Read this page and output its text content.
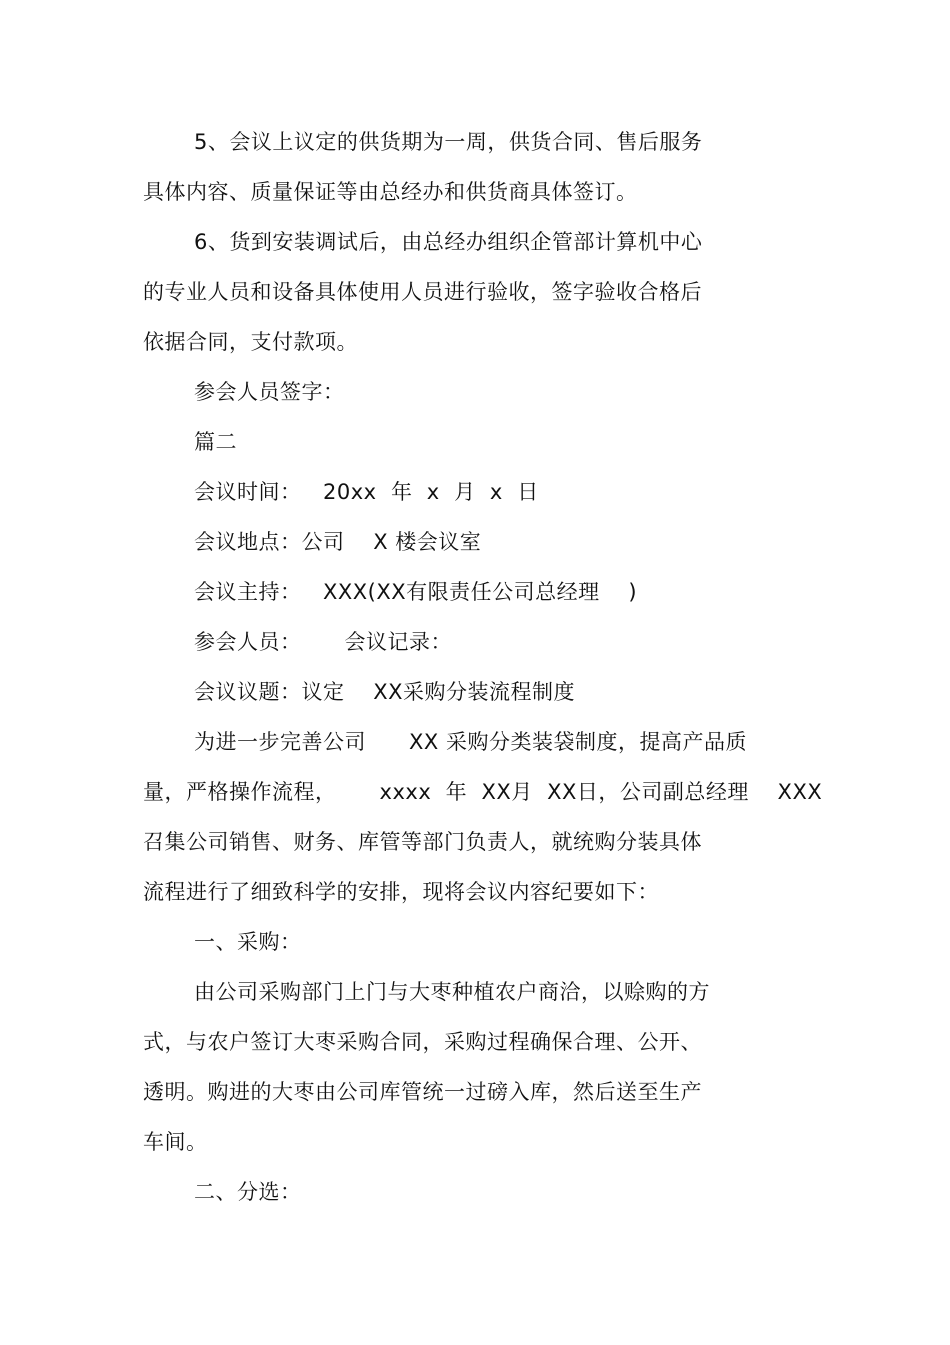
5、会议上议定的供货期为一周，供货合同、售后服务
具体内容、质量保证等由总经办和供货商具体签订。
6、货到安装调试后，由总经办组织企管部计算机中心
的专业人员和设备具体使用人员进行验收，签字验收合格后
依据合同，支付款项。
参会人员签字：
篇二
会议时间：   20xx  年  x  月  x  日
会议地点：公司    X 楼会议室
会议主持：   XXX(XX有限责任公司总经理    )
参会人员：      会议记录：
会议议题：议定    XX采购分装流程制度
为进一步完善公司      XX 采购分类装袋制度，提高产品质
量，严格操作流程，      xxxx  年  XX月  XX日，公司副总经理    XXX
召集公司销售、财务、库管等部门负责人，就统购分装具体
流程进行了细致科学的安排，现将会议内容纪要如下：
一、采购：
由公司采购部门上门与大枣种植农户商洽，以赊购的方
式，与农户签订大枣采购合同，采购过程确保合理、公开、
透明。购进的大枣由公司库管统一过磅入库，然后送至生产
车间。
二、分选：
